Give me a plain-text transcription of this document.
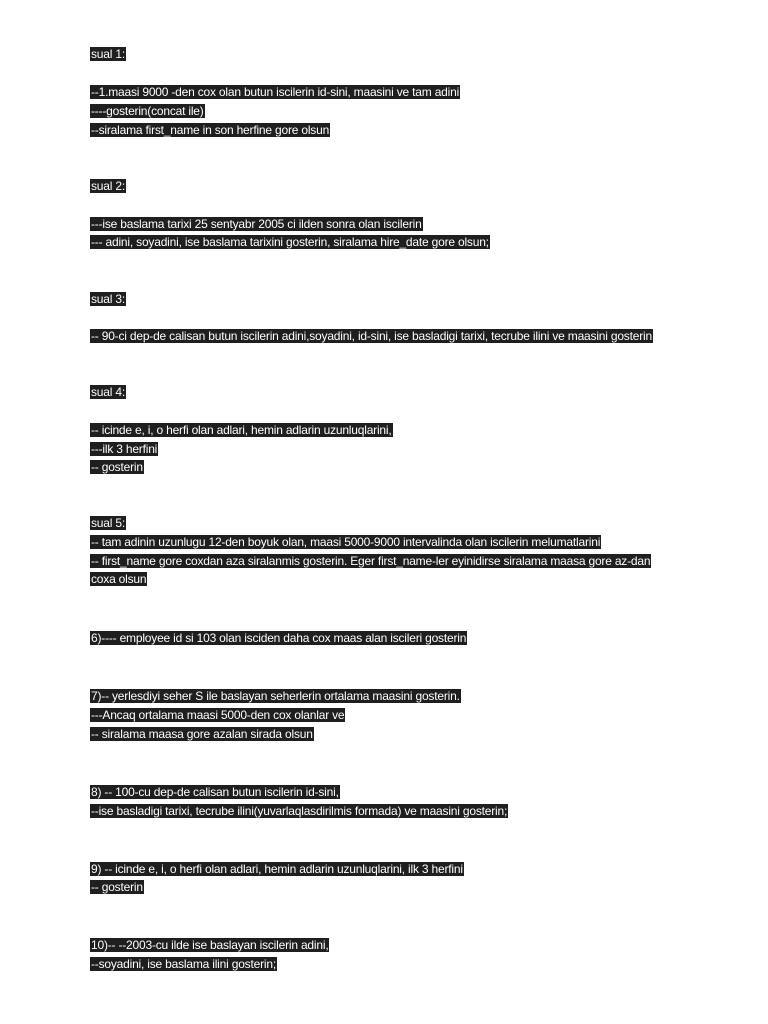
sual 1:
--1.maasi 9000 -den cox olan butun iscilerin id-sini, maasini ve tam adini
----gosterin(concat ile)
--siralama first_name in son herfine gore olsun
sual 2:
---ise baslama tarixi 25 sentyabr 2005 ci ilden sonra olan iscilerin
--- adini, soyadini, ise baslama tarixini gosterin, siralama hire_date gore olsun;
sual 3:
-- 90-ci dep-de calisan butun iscilerin adini,soyadini, id-sini, ise basladigi tarixi, tecrube ilini ve maasini gosterin
sual 4:
-- icinde e, i, o herfi olan adlari, hemin adlarin uzunluqlarini,
---ilk 3 herfini
-- gosterin
sual 5:
-- tam adinin uzunlugu 12-den boyuk olan, maasi 5000-9000 intervalinda olan iscilerin melumatlarini
-- first_name gore coxdan aza siralanmis gosterin. Eger first_name-ler eyinidirse siralama maasa gore az-dan
coxa olsun
6)---- employee id si 103 olan isciden daha cox maas alan iscileri gosterin
7)-- yerlesdiyi seher S ile baslayan seherlerin ortalama maasini gosterin.
---Ancaq ortalama maasi 5000-den cox olanlar ve
-- siralama maasa gore azalan sirada olsun
8) -- 100-cu dep-de calisan butun iscilerin id-sini,
--ise basladigi tarixi, tecrube ilini(yuvarlaqlasdirilmis formada) ve maasini gosterin;
9) -- icinde e, i, o herfi olan adlari, hemin adlarin uzunluqlarini, ilk 3 herfini
-- gosterin
10)-- --2003-cu ilde ise baslayan iscilerin adini,
--soyadini, ise baslama ilini gosterin;
